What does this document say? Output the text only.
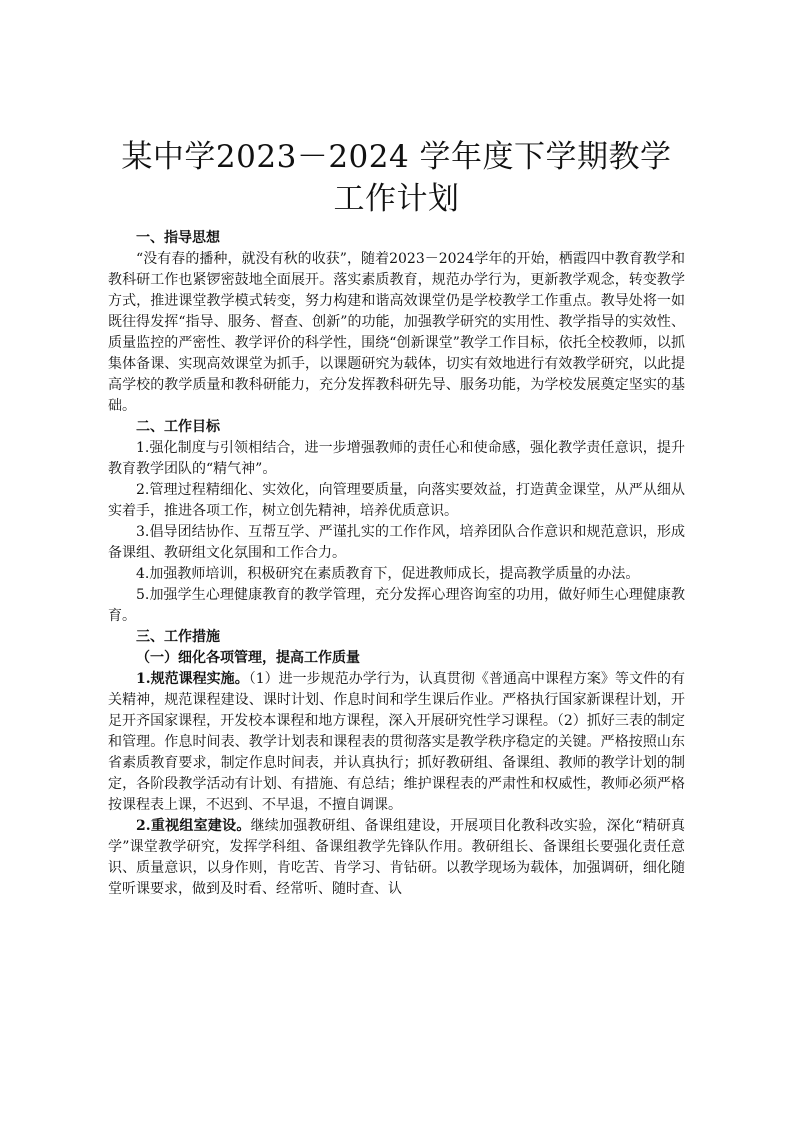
某中学2023－2024 学年度下学期教学工作计划
一、指导思想

“没有春的播种，就没有秋的收获”，随着2023－2024学年的开始，栖霞四中教育教学和教科研工作也紧锣密鼓地全面展开。落实素质教育，规范办学行为，更新教学观念，转变教学方式，推进课堂教学模式转变，努力构建和谐高效课堂仍是学校教学工作重点。教导处将一如既往得发挥“指导、服务、督查、创新”的功能，加强教学研究的实用性、教学指导的实效性、质量监控的严密性、教学评价的科学性，围绕“创新课堂”教学工作目标，依托全校教师，以抓集体备课、实现高效课堂为抓手，以课题研究为载体，切实有效地进行有效教学研究，以此提高学校的教学质量和教科研能力，充分发挥教科研先导、服务功能，为学校发展奠定坚实的基础。

二、工作目标

1.强化制度与引领相结合，进一步增强教师的责任心和使命感，强化教学责任意识，提升教育教学团队的“精气神”。

2.管理过程精细化、实效化，向管理要质量，向落实要效益，打造黄金课堂，从严从细从实着手，推进各项工作，树立创先精神，培养优质意识。

3.倡导团结协作、互帮互学、严谨扎实的工作作风，培养团队合作意识和规范意识，形成备课组、教研组文化氛围和工作合力。

4.加强教师培训，积极研究在素质教育下，促进教师成长，提高教学质量的办法。

5.加强学生心理健康教育的教学管理，充分发挥心理咨询室的功用，做好师生心理健康教育。

三、工作措施
（一）细化各项管理，提高工作质量

1.规范课程实施。（1）进一步规范办学行为，认真贯彻《普通高中课程方案》等文件的有关精神，规范课程建设、课时计划、作息时间和学生课后作业。严格执行国家新课程计划，开足开齐国家课程，开发校本课程和地方课程，深入开展研究性学习课程。（2）抓好三表的制定和管理。作息时间表、教学计划表和课程表的贯彻落实是教学秩序稳定的关键。严格按照山东省素质教育要求，制定作息时间表，并认真执行；抓好教研组、备课组、教师的教学计划的制定，各阶段教学活动有计划、有措施、有总结；维护课程表的严肃性和权威性，教师必须严格按课程表上课，不迟到、不早退，不擅自调课。

2.重视组室建设。继续加强教研组、备课组建设，开展项目化教科改实验，深化“精研真学”课堂教学研究，发挥学科组、备课组教学先锋队作用。教研组长、备课组长要强化责任意识、质量意识，以身作则，肯吃苦、肯学习、肯钻研。以教学现场为载体，加强调研，细化随堂听课要求，做到及时看、经常听、随时查、认
